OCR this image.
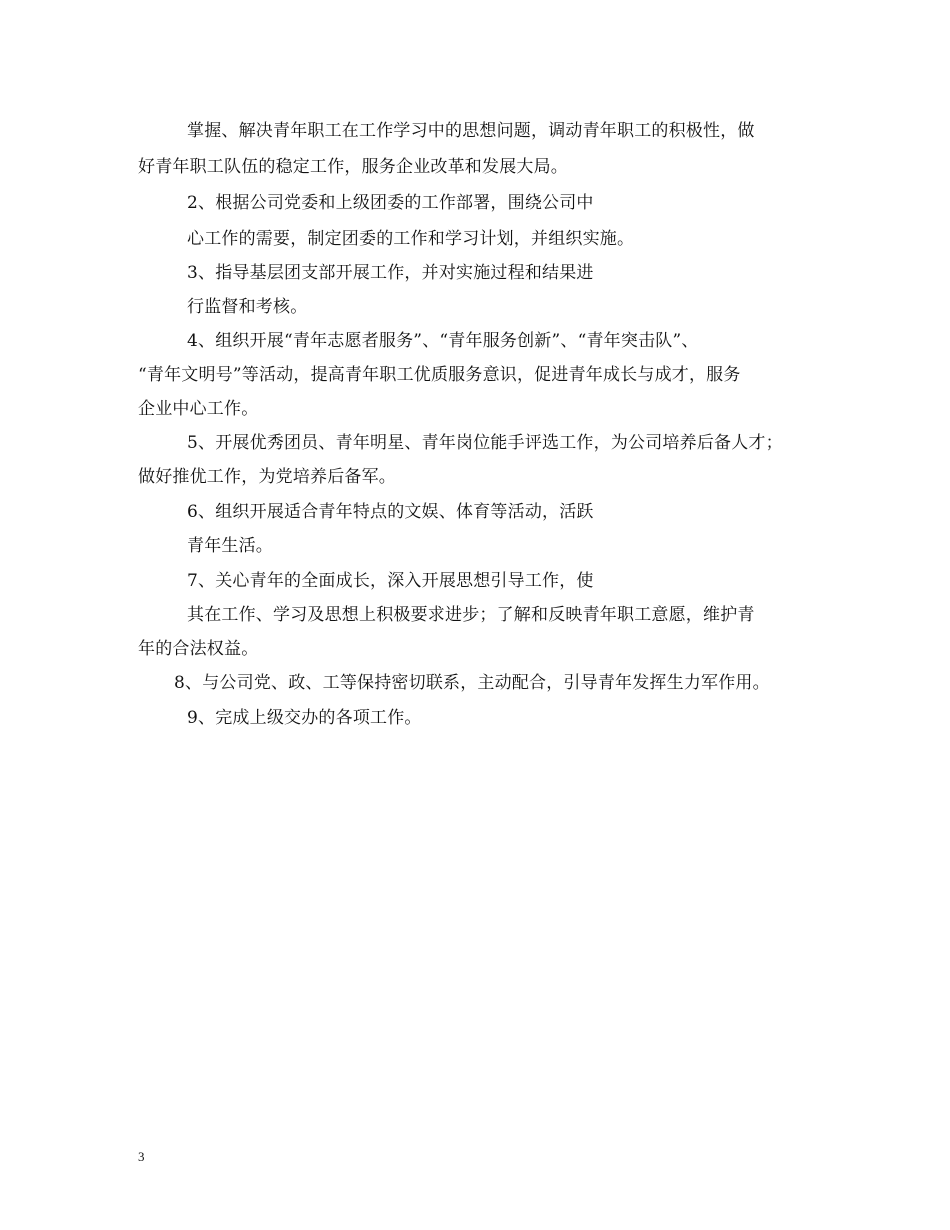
掌握、解决青年职工在工作学习中的思想问题，调动青年职工的积极性，做
好青年职工队伍的稳定工作，服务企业改革和发展大局。
2、根据公司党委和上级团委的工作部署，围绕公司中
心工作的需要，制定团委的工作和学习计划，并组织实施。
3、指导基层团支部开展工作，并对实施过程和结果进
行监督和考核。
4、组织开展“青年志愿者服务”、“青年服务创新”、“青年突击队”、
“青年文明号”等活动，提高青年职工优质服务意识，促进青年成长与成才，服务
企业中心工作。
5、开展优秀团员、青年明星、青年岗位能手评选工作，为公司培养后备人才；
做好推优工作，为党培养后备军。
6、组织开展适合青年特点的文娱、体育等活动，活跃
青年生活。
7、关心青年的全面成长，深入开展思想引导工作，使
其在工作、学习及思想上积极要求进步；了解和反映青年职工意愿，维护青
年的合法权益。
8、与公司党、政、工等保持密切联系，主动配合，引导青年发挥生力军作用。
9、完成上级交办的各项工作。
3
